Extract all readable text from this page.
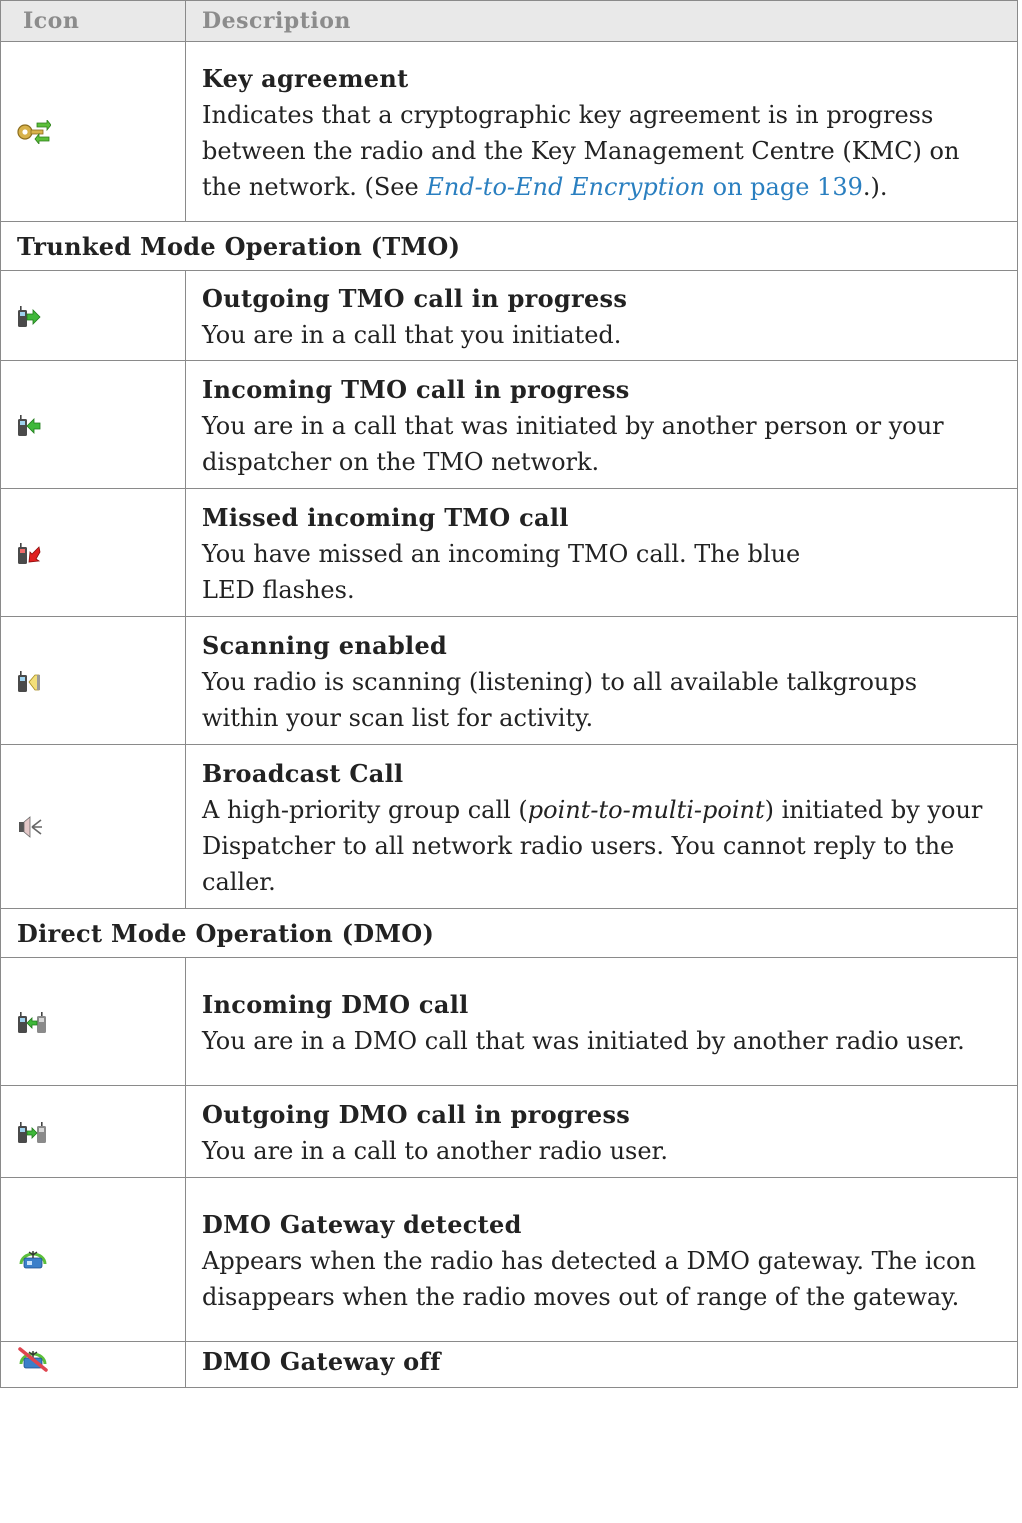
Icon	Description

Key agreement
Indicates that a cryptographic key agreement is in progress between the radio and the Key Management Centre (KMC) on the network. (See End-to-End Encryption on page 139.).

Trunked Mode Operation (TMO)	

Outgoing TMO call in progress
You are in a call that you initiated.

Incoming TMO call in progress
You are in a call that was initiated by another person or your dispatcher on the TMO network.

Missed incoming TMO call
You have missed an incoming TMO call. The blue
LED flashes.

Scanning enabled
You radio is scanning (listening) to all available talkgroups within your scan list for activity.

Broadcast Call
A high-priority group call (point-to-multi-point) initiated by your Dispatcher to all network radio users. You cannot reply to the caller.

Direct Mode Operation (DMO)	

Incoming DMO call
You are in a DMO call that was initiated by another radio user.

Outgoing DMO call in progress
You are in a call to another radio user.

DMO Gateway detected
Appears when the radio has detected a DMO gateway. The icon disappears when the radio moves out of range of the gateway.

DMO Gateway off
